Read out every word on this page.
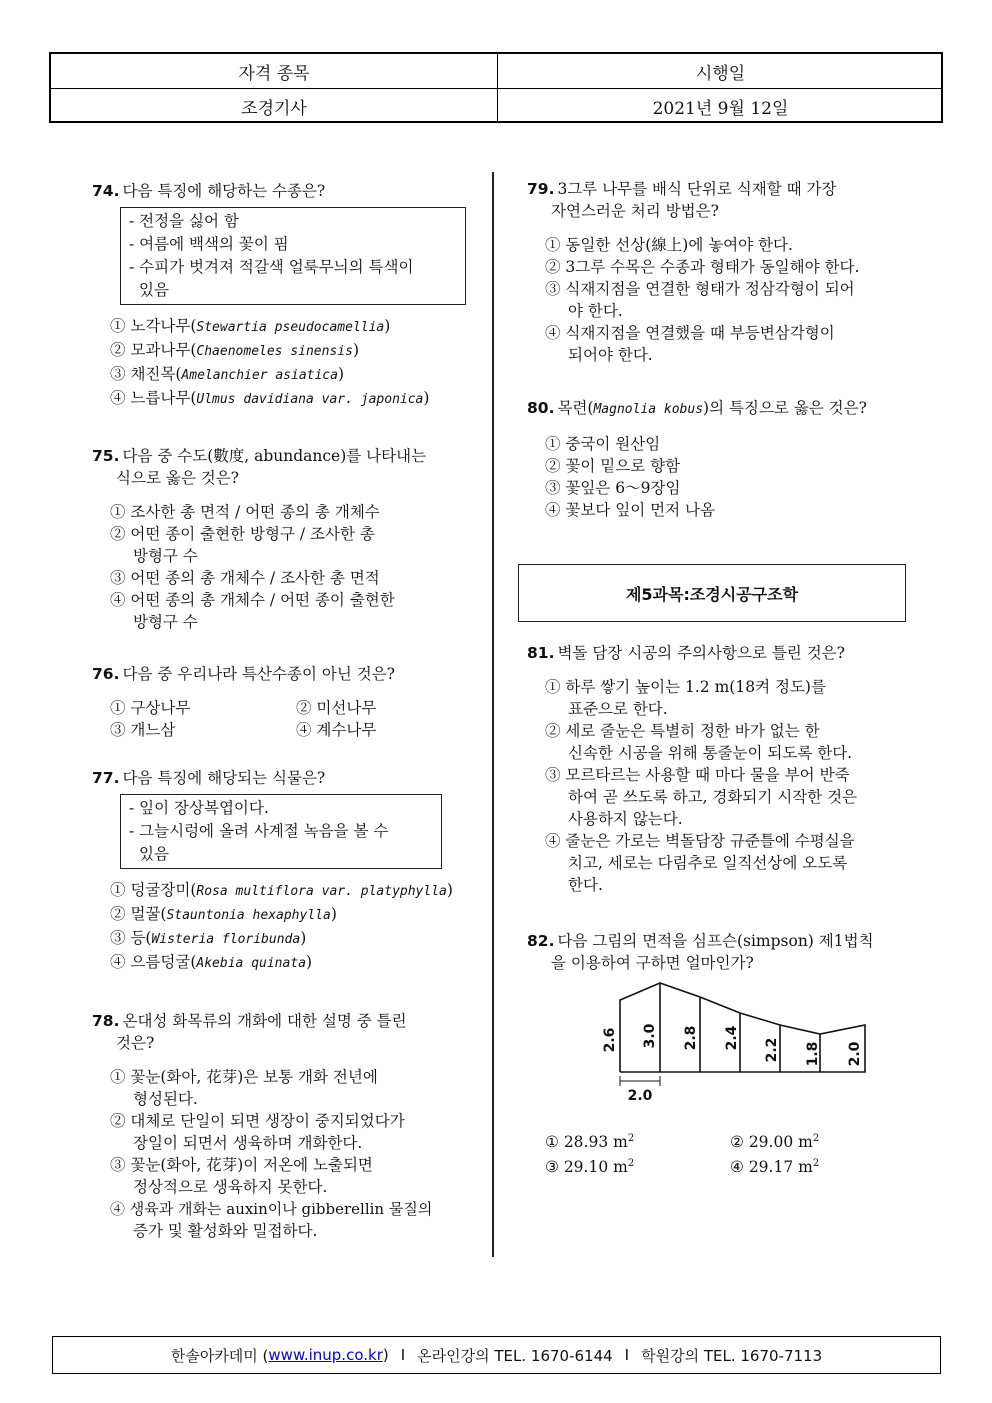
자격 종목	시행일
조경기사	2021년 9월 12일
74. 다음 특징에 해당하는 수종은?
- 전정을 싫어 함
- 여름에 백색의 꽃이 핌
- 수피가 벗겨져 적갈색 얼룩무늬의 특색이
있음
① 노각나무(Stewartia pseudocamellia)
② 모과나무(Chaenomeles sinensis)
③ 채진목(Amelanchier asiatica)
④ 느릅나무(Ulmus davidiana var. japonica)
75. 다음 중 수도(數度, abundance)를 나타내는
식으로 옳은 것은?
① 조사한 총 면적 / 어떤 종의 총 개체수
② 어떤 종이 출현한 방형구 / 조사한 총
방형구 수
③ 어떤 종의 총 개체수 / 조사한 총 면적
④ 어떤 종의 총 개체수 / 어떤 종이 출현한
방형구 수
76. 다음 중 우리나라 특산수종이 아닌 것은?
① 구상나무	② 미선나무
③ 개느삼	④ 계수나무
77. 다음 특징에 해당되는 식물은?
- 잎이 장상복엽이다.
- 그늘시렁에 올려 사계절 녹음을 볼 수
있음
① 덩굴장미(Rosa multiflora var. platyphylla)
② 멀꿀(Stauntonia hexaphylla)
③ 등(Wisteria floribunda)
④ 으름덩굴(Akebia quinata)
78. 온대성 화목류의 개화에 대한 설명 중 틀린
것은?
① 꽃눈(화아, 花芽)은 보통 개화 전년에
형성된다.
② 대체로 단일이 되면 생장이 중지되었다가
장일이 되면서 생육하며 개화한다.
③ 꽃눈(화아, 花芽)이 저온에 노출되면
정상적으로 생육하지 못한다.
④ 생육과 개화는 auxin이나 gibberellin 물질의
증가 및 활성화와 밀접하다.
79. 3그루 나무를 배식 단위로 식재할 때 가장
자연스러운 처리 방법은?
① 동일한 선상(線上)에 놓여야 한다.
② 3그루 수목은 수종과 형태가 동일해야 한다.
③ 식재지점을 연결한 형태가 정삼각형이 되어
야 한다.
④ 식재지점을 연결했을 때 부등변삼각형이
되어야 한다.
80. 목련(Magnolia kobus)의 특징으로 옳은 것은?
① 중국이 원산임
② 꽃이 밑으로 향함
③ 꽃잎은 6～9장임
④ 꽃보다 잎이 먼저 나옴
제5과목:조경시공구조학
81. 벽돌 담장 시공의 주의사항으로 틀린 것은?
① 하루 쌓기 높이는 1.2 m(18켜 정도)를
표준으로 한다.
② 세로 줄눈은 특별히 정한 바가 없는 한
신속한 시공을 위해 통줄눈이 되도록 한다.
③ 모르타르는 사용할 때 마다 물을 부어 반죽
하여 곧 쓰도록 하고, 경화되기 시작한 것은
사용하지 않는다.
④ 줄눈은 가로는 벽돌담장 규준틀에 수평실을
치고, 세로는 다림추로 일직선상에 오도록
한다.
82. 다음 그림의 면적을 심프슨(simpson) 제1법칙
을 이용하여 구하면 얼마인가?
2.6 3.0 2.8 2.4 2.2 1.8 2.0
2.0
① 28.93 $m^2$	② 29.00 $m^2$
③ 29.10 $m^2$	④ 29.17 $m^2$
한솔아카데미 ( www.inup.co.kr ) I 온라인강의 TEL. 1670-6144 I 학원강의 TEL. 1670-7113
